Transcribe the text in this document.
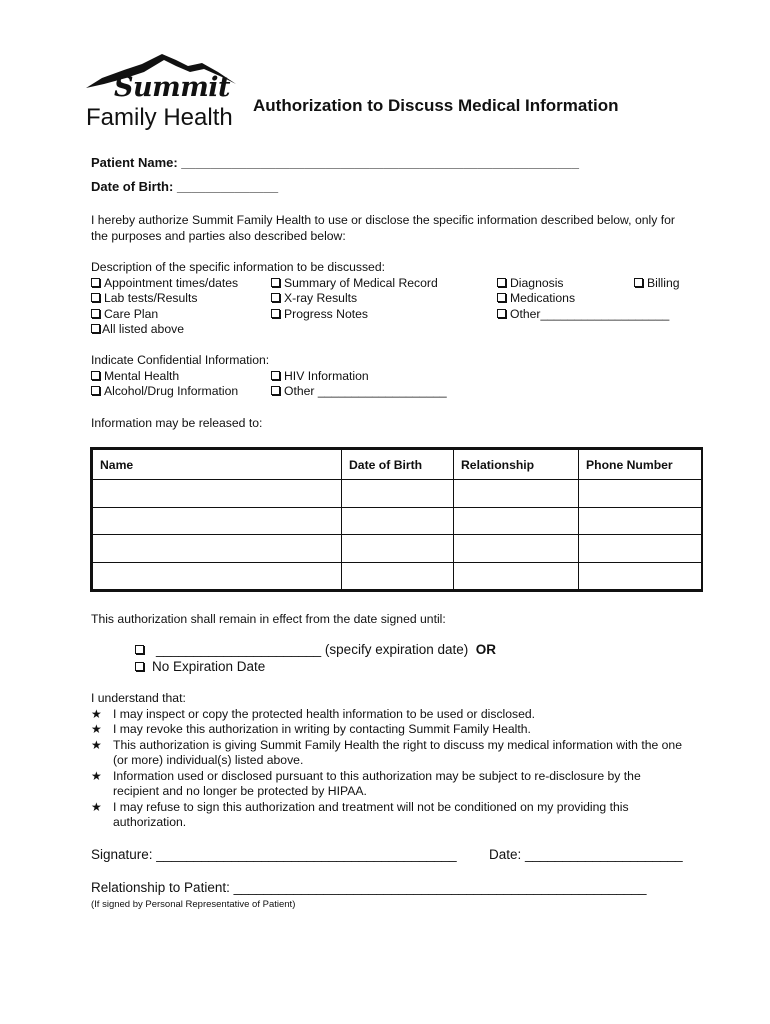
Summit
Family Health Authorization to Discuss Medical Information
Patient Name: _______________________________________________________
Date of Birth: ______________
I hereby authorize Summit Family Health to use or disclose the specific information described below, only for
the purposes and parties also described below:
Description of the specific information to be discussed:
Appointment times/dates	Summary of Medical Record	Diagnosis	Billing
Lab tests/Results	X-ray Results	Medications
Care Plan	Progress Notes	Other___________________
All listed above
Indicate Confidential Information:
Mental Health	HIV Information
Alcohol/Drug Information	Other ___________________
Information may be released to:
Name	Date of Birth	Relationship	Phone Number

This authorization shall remain in effect from the date signed until:
______________________ (specify expiration date) OR
No Expiration Date
I understand that:
★ I may inspect or copy the protected health information to be used or disclosed.
★ I may revoke this authorization in writing by contacting Summit Family Health.
★ This authorization is giving Summit Family Health the right to discuss my medical information with the one
(or more) individual(s) listed above.
★ Information used or disclosed pursuant to this authorization may be subject to re-disclosure by the
recipient and no longer be protected by HIPAA.
★ I may refuse to sign this authorization and treatment will not be conditioned on my providing this
authorization.
Signature: ________________________________________ Date: _____________________
Relationship to Patient: _______________________________________________________
(If signed by Personal Representative of Patient)
